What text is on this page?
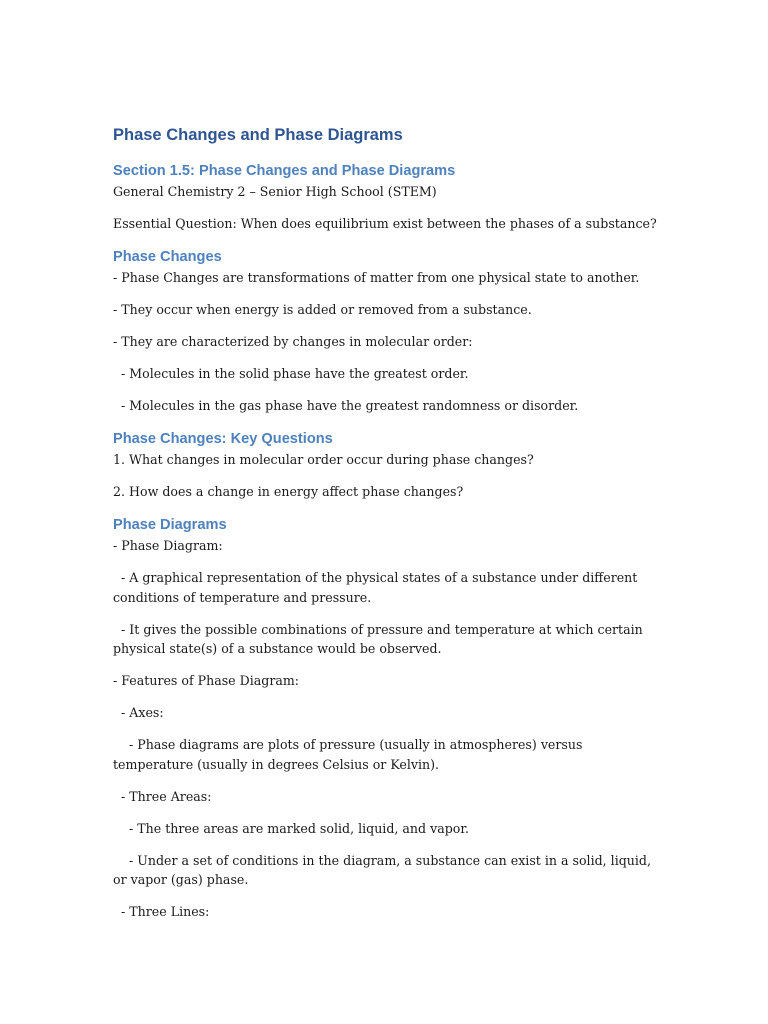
Phase Changes and Phase Diagrams
Section 1.5: Phase Changes and Phase Diagrams

General Chemistry 2 – Senior High School (STEM)

Essential Question: When does equilibrium exist between the phases of a substance?

Phase Changes

- Phase Changes are transformations of matter from one physical state to another.

- They occur when energy is added or removed from a substance.

- They are characterized by changes in molecular order:

- Molecules in the solid phase have the greatest order.

- Molecules in the gas phase have the greatest randomness or disorder.

Phase Changes: Key Questions

1. What changes in molecular order occur during phase changes?

2. How does a change in energy affect phase changes?

Phase Diagrams

- Phase Diagram:

- A graphical representation of the physical states of a substance under different conditions of temperature and pressure.

- It gives the possible combinations of pressure and temperature at which certain physical state(s) of a substance would be observed.

- Features of Phase Diagram:

- Axes:

- Phase diagrams are plots of pressure (usually in atmospheres) versus temperature (usually in degrees Celsius or Kelvin).

- Three Areas:

- The three areas are marked solid, liquid, and vapor.

- Under a set of conditions in the diagram, a substance can exist in a solid, liquid, or vapor (gas) phase.

- Three Lines:
